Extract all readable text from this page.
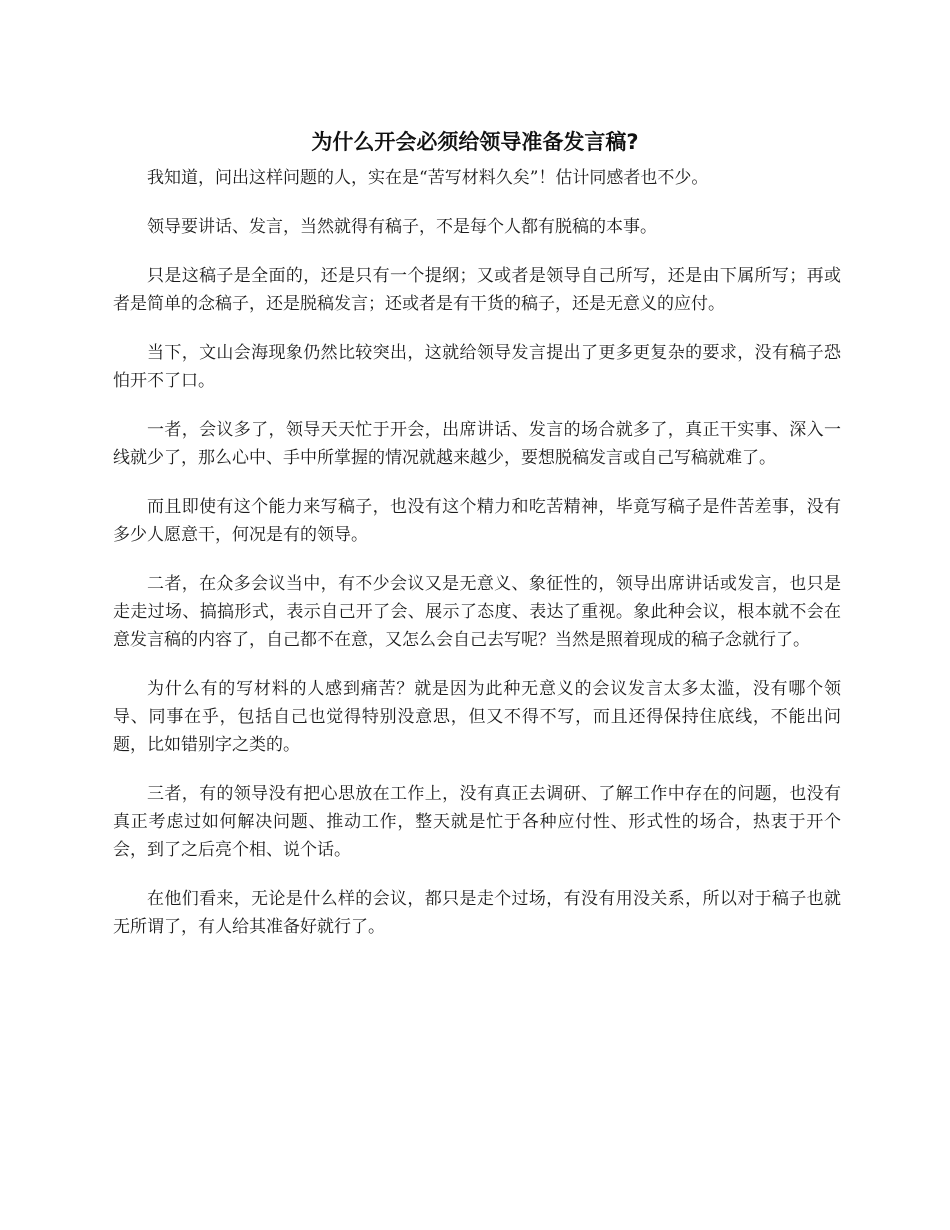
为什么开会必须给领导准备发言稿?

我知道，问出这样问题的人，实在是“苦写材料久矣”！估计同感者也不少。

领导要讲话、发言，当然就得有稿子，不是每个人都有脱稿的本事。

只是这稿子是全面的，还是只有一个提纲；又或者是领导自己所写，还是由下属所写；再或者是简单的念稿子，还是脱稿发言；还或者是有干货的稿子，还是无意义的应付。

当下，文山会海现象仍然比较突出，这就给领导发言提出了更多更复杂的要求，没有稿子恐怕开不了口。

一者，会议多了，领导天天忙于开会，出席讲话、发言的场合就多了，真正干实事、深入一线就少了，那么心中、手中所掌握的情况就越来越少，要想脱稿发言或自己写稿就难了。

而且即使有这个能力来写稿子，也没有这个精力和吃苦精神，毕竟写稿子是件苦差事，没有多少人愿意干，何况是有的领导。

二者，在众多会议当中，有不少会议又是无意义、象征性的，领导出席讲话或发言，也只是走走过场、搞搞形式，表示自己开了会、展示了态度、表达了重视。象此种会议，根本就不会在意发言稿的内容了，自己都不在意，又怎么会自己去写呢？当然是照着现成的稿子念就行了。

为什么有的写材料的人感到痛苦？就是因为此种无意义的会议发言太多太滥，没有哪个领导、同事在乎，包括自己也觉得特别没意思，但又不得不写，而且还得保持住底线，不能出问题，比如错别字之类的。

三者，有的领导没有把心思放在工作上，没有真正去调研、了解工作中存在的问题，也没有真正考虑过如何解决问题、推动工作，整天就是忙于各种应付性、形式性的场合，热衷于开个会，到了之后亮个相、说个话。

在他们看来，无论是什么样的会议，都只是走个过场，有没有用没关系，所以对于稿子也就无所谓了，有人给其准备好就行了。
